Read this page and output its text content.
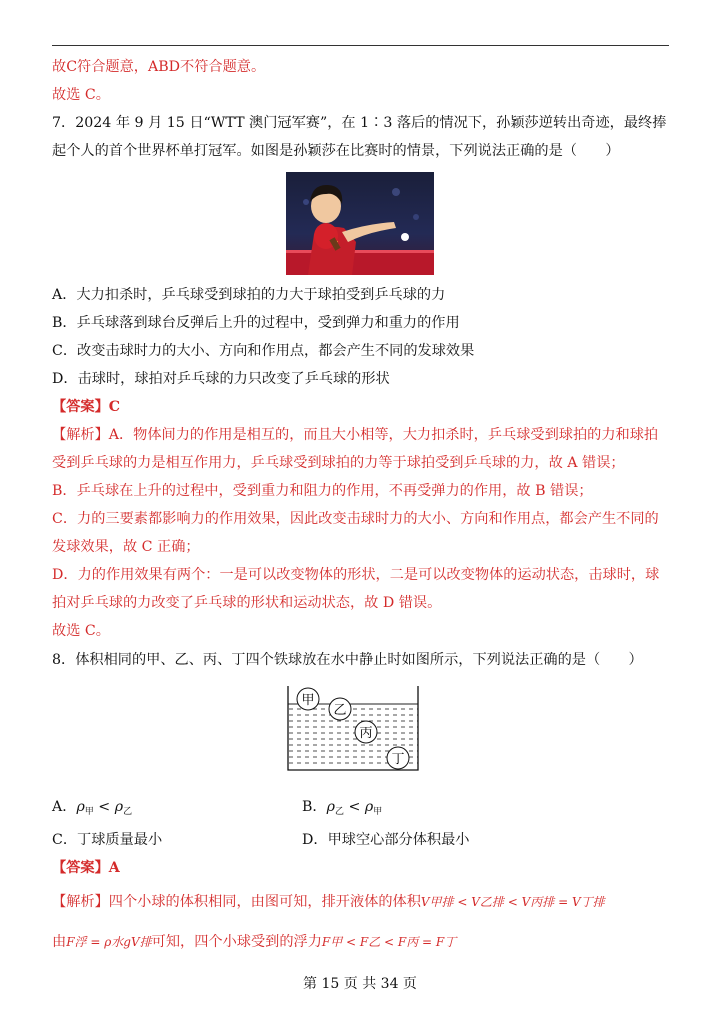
故C符合题意，ABD不符合题意。
故选 C。
7．2024 年 9 月 15 日“WTT 澳门冠军赛”，在 1∶3 落后的情况下，孙颖莎逆转出奇迹，最终捧
起个人的首个世界杯单打冠军。如图是孙颖莎在比赛时的情景，下列说法正确的是（　　）
A．大力扣杀时，乒乓球受到球拍的力大于球拍受到乒乓球的力
B．乒乓球落到球台反弹后上升的过程中，受到弹力和重力的作用
C．改变击球时力的大小、方向和作用点，都会产生不同的发球效果
D．击球时，球拍对乒乓球的力只改变了乒乓球的形状
【答案】C
【解析】A．物体间力的作用是相互的，而且大小相等，大力扣杀时，乒乓球受到球拍的力和球拍
受到乒乓球的力是相互作用力，乒乓球受到球拍的力等于球拍受到乒乓球的力，故 A 错误；
B．乒乓球在上升的过程中，受到重力和阻力的作用，不再受弹力的作用，故 B 错误；
C．力的三要素都影响力的作用效果，因此改变击球时力的大小、方向和作用点，都会产生不同的
发球效果，故 C 正确；
D．力的作用效果有两个：一是可以改变物体的形状，二是可以改变物体的运动状态，击球时，球
拍对乒乓球的力改变了乒乓球的形状和运动状态，故 D 错误。
故选 C。
8．体积相同的甲、乙、丙、丁四个铁球放在水中静止时如图所示，下列说法正确的是（　　）
甲
乙
丙
丁
A．$\rho_甲 < \rho_乙$	B．$\rho_乙 < \rho_甲$
C．丁球质量最小	D．甲球空心部分体积最小
【答案】A
【解析】四个小球的体积相同，由图可知，排开液体的体积V甲排 < V乙排 < V丙排 = V丁排
由F浮 = ρ水gV排可知，四个小球受到的浮力F甲 < F乙 < F丙 = F丁
第 15 页 共 34 页
